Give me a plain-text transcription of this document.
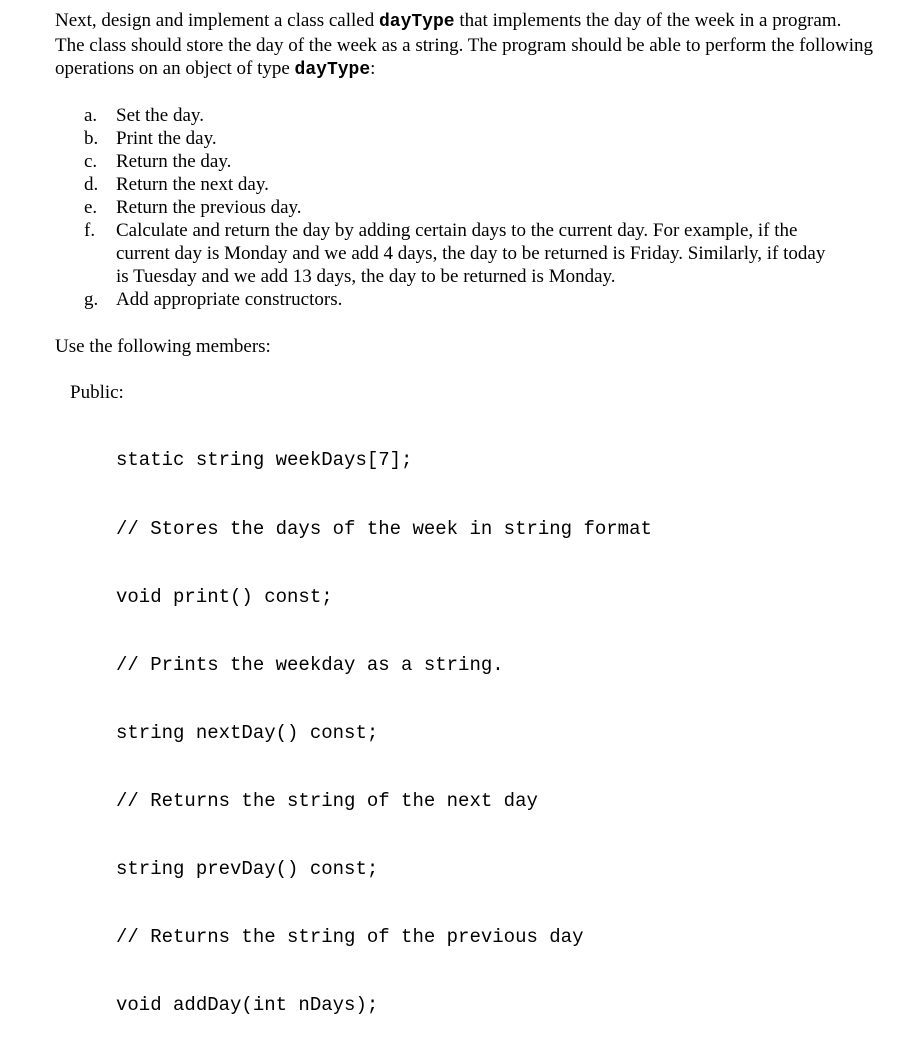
Next, design and implement a class called dayType that implements the day of the week in a program. The class should store the day of the week as a string. The program should be able to perform the following operations on an object of type dayType:

a. Set the day.
b. Print the day.
c. Return the day.
d. Return the next day.
e. Return the previous day.
f.	Calculate and return the day by adding certain days to the current day. For example, if the current day is Monday and we add 4 days, the day to be returned is Friday. Similarly, if today is Tuesday and we add 13 days, the day to be returned is Monday.
g. Add appropriate constructors.

Use the following members:

Public:

static string weekDays[7];

// Stores the days of the week in string format

void print() const;

// Prints the weekday as a string.

string nextDay() const;

// Returns the string of the next day

string prevDay() const;

// Returns the string of the previous day

void addDay(int nDays);
